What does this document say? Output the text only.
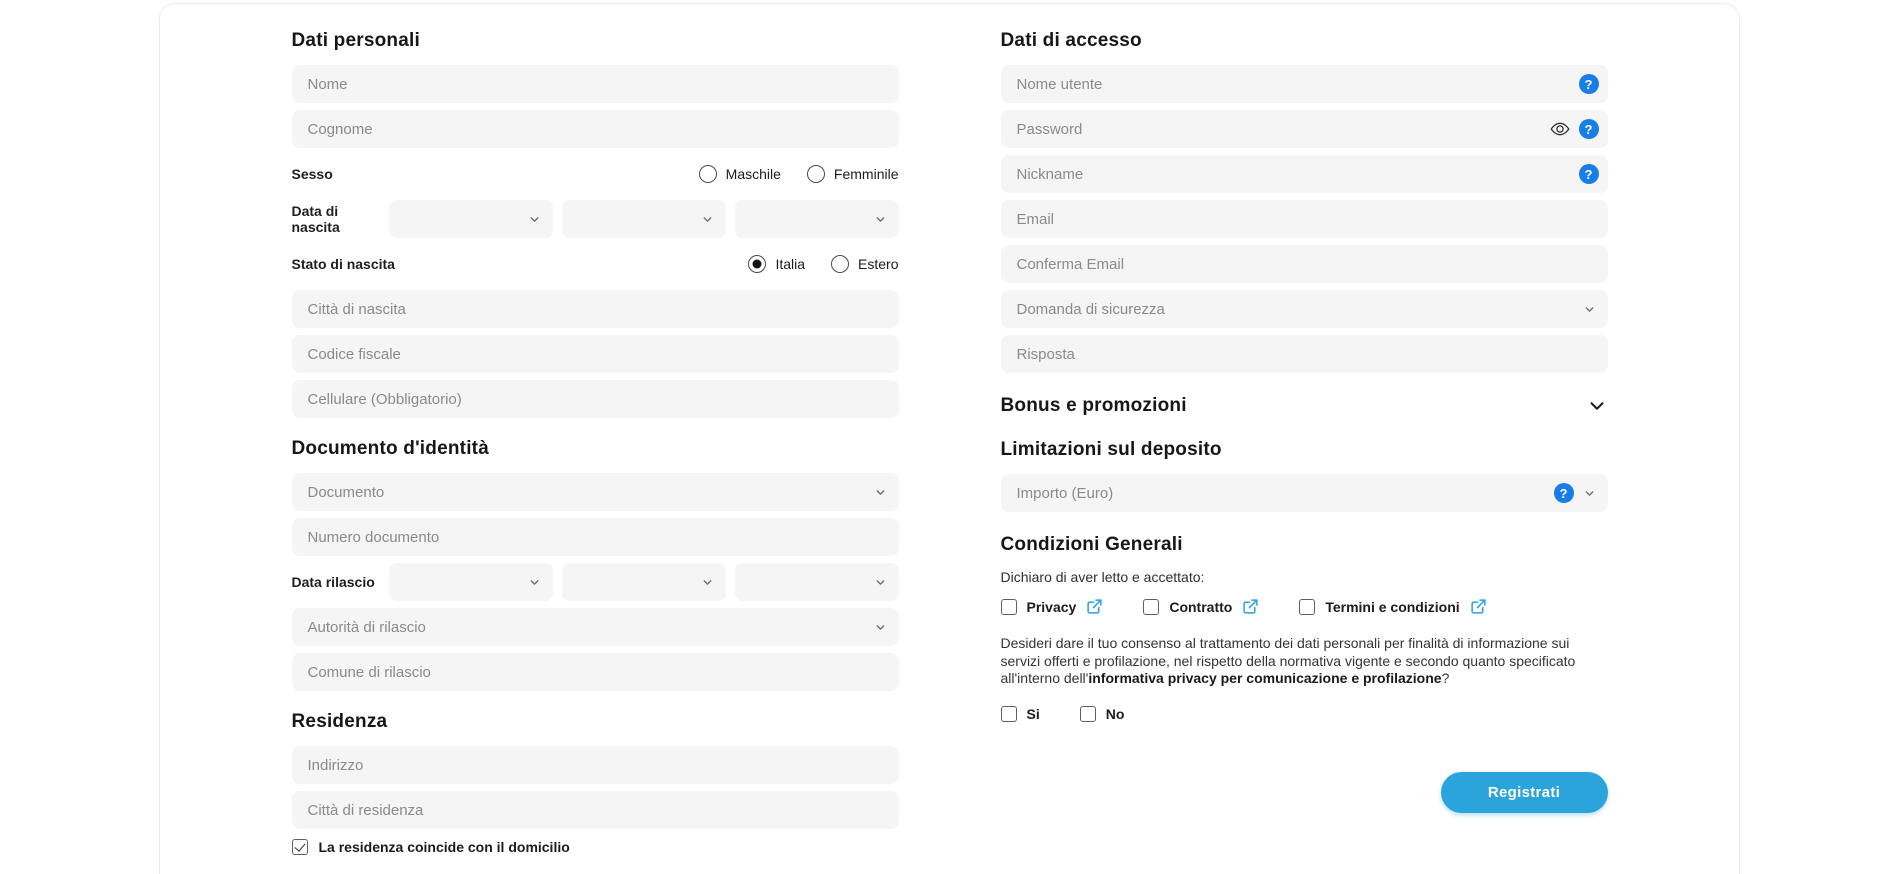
Dati personali
Nome
Cognome
Sesso	Maschile	Femminile
Data di nascita
Stato di nascita	Italia	Estero
Città di nascita
Codice fiscale
Cellulare (Obbligatorio)
Documento d'identità
Documento
Numero documento
Data rilascio
Autorità di rilascio
Comune di rilascio
Residenza
Indirizzo
Città di residenza
La residenza coincide con il domicilio
Dati di accesso
Nome utente
?
?
Nickname
?
Email
Conferma Email
Domanda di sicurezza
Risposta
Bonus e promozioni
Limitazioni sul deposito
Importo (Euro)	?
Condizioni Generali

Dichiaro di aver letto e accettato:

Privacy	Contratto	Termini e condizioni

Desideri dare il tuo consenso al trattamento dei dati personali per finalità di informazione sui servizi offerti e profilazione, nel rispetto della normativa vigente e secondo quanto specificato all'interno dell'informativa privacy per comunicazione e profilazione?

Si	No
Registrati
